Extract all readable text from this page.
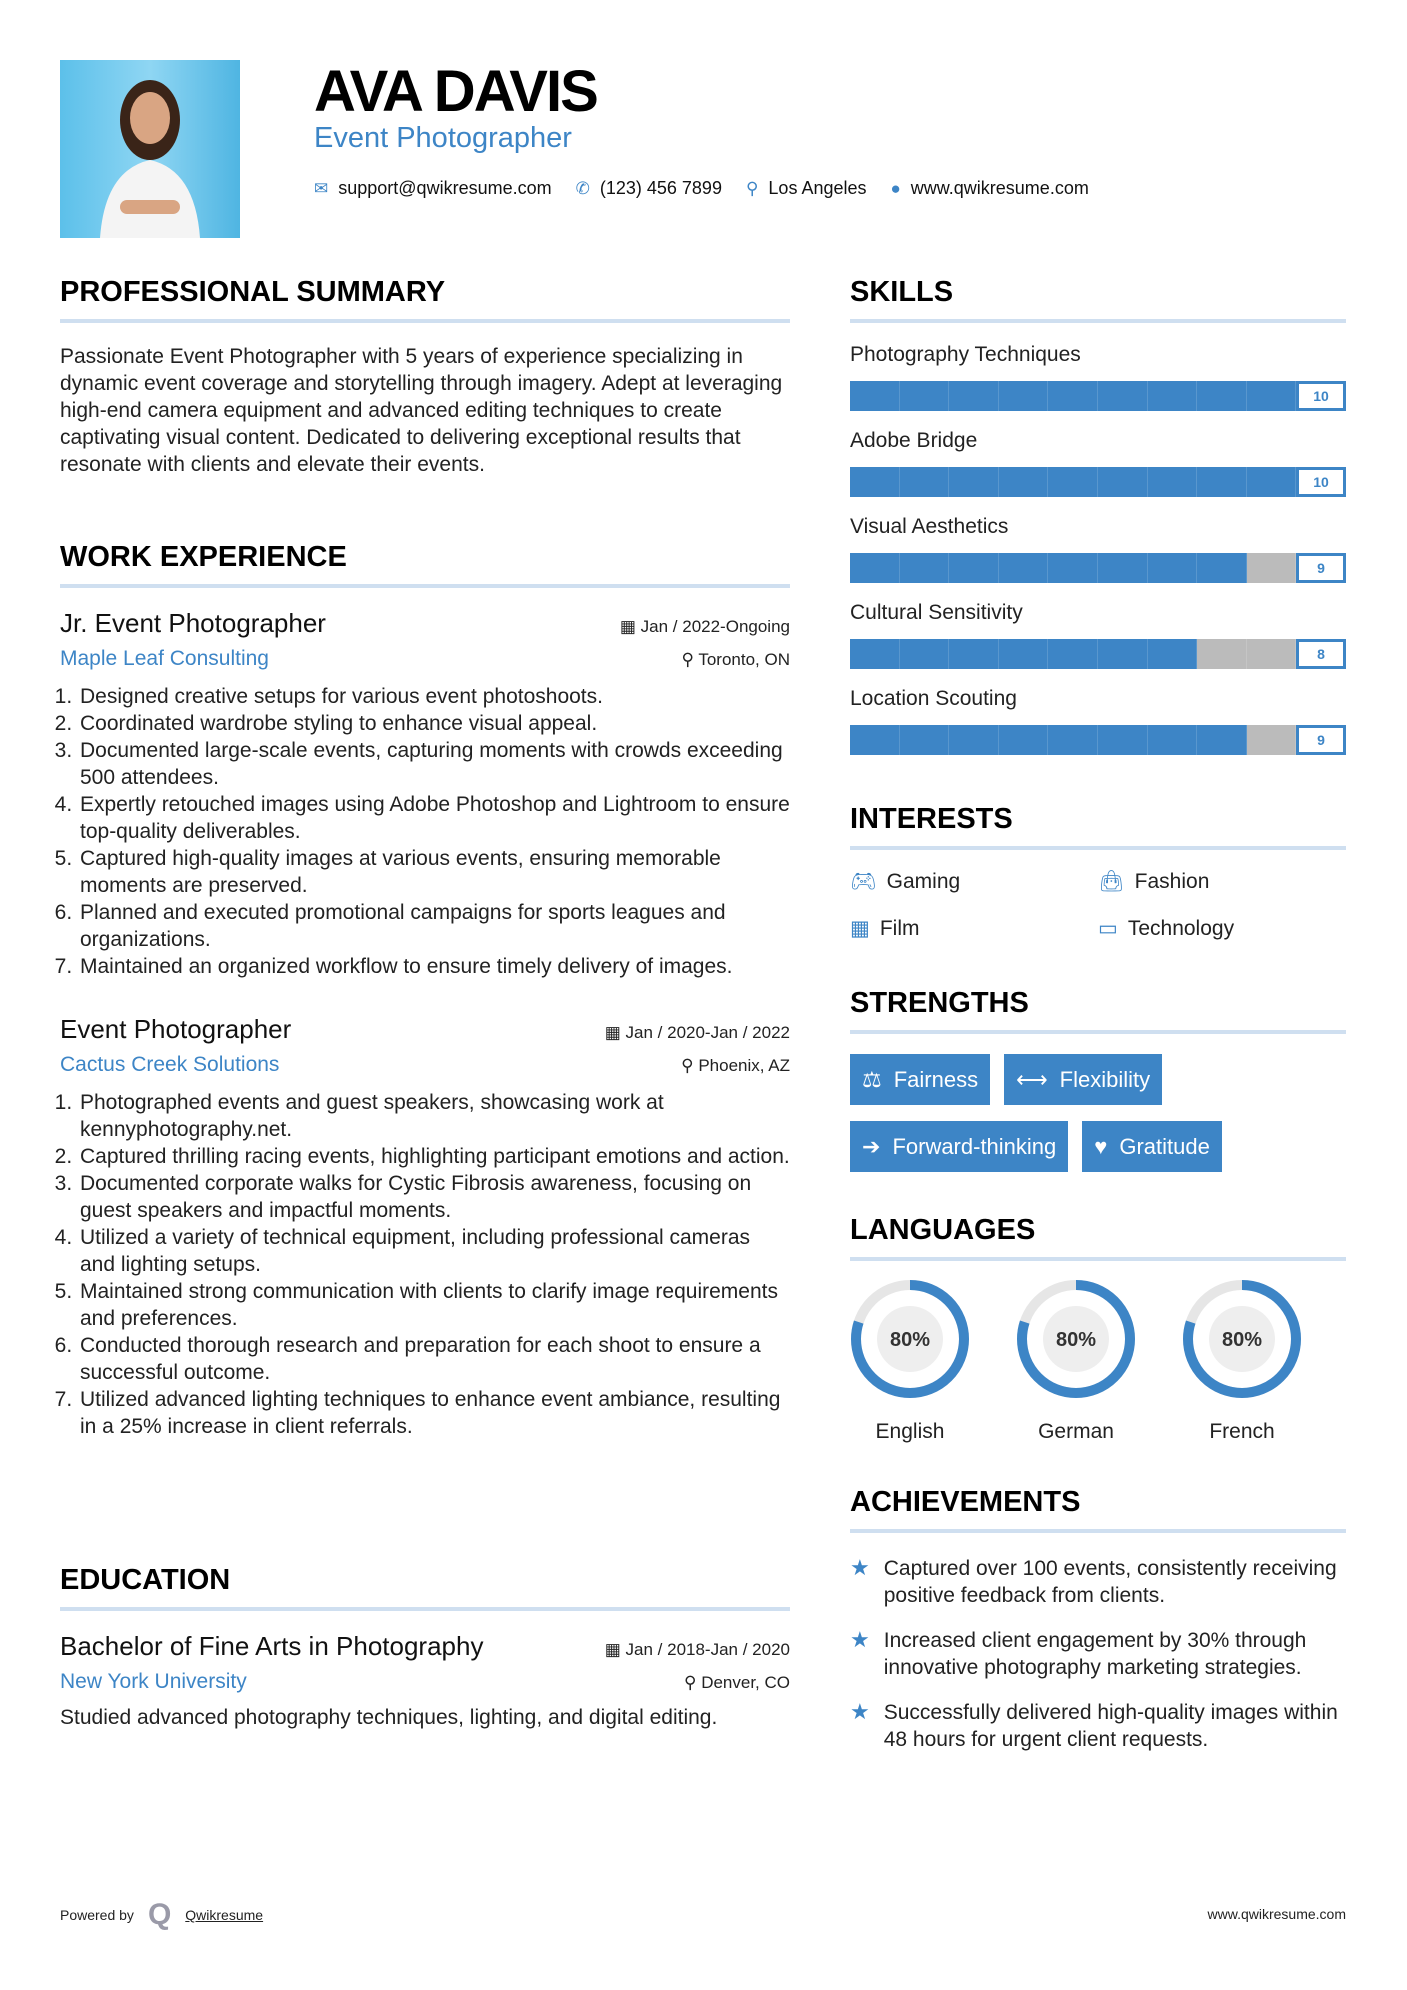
AVA DAVIS
Event Photographer
✉ support@qwikresume.com ✆ (123) 456 7899 ⚲ Los Angeles ● www.qwikresume.com
PROFESSIONAL SUMMARY

Passionate Event Photographer with 5 years of experience specializing in dynamic event coverage and storytelling through imagery. Adept at leveraging high-end camera equipment and advanced editing techniques to create captivating visual content. Dedicated to delivering exceptional results that resonate with clients and elevate their events.

WORK EXPERIENCE
Jr. Event Photographer	▦ Jan / 2022-Ongoing
Maple Leaf Consulting	⚲ Toronto, ON
1. Designed creative setups for various event photoshoots.
2. Coordinated wardrobe styling to enhance visual appeal.
3. Documented large-scale events, capturing moments with crowds exceeding 500 attendees.
4. Expertly retouched images using Adobe Photoshop and Lightroom to ensure top-quality deliverables.
5. Captured high-quality images at various events, ensuring memorable moments are preserved.
6. Planned and executed promotional campaigns for sports leagues and organizations.
7. Maintained an organized workflow to ensure timely delivery of images.
Event Photographer	▦ Jan / 2020-Jan / 2022
Cactus Creek Solutions	⚲ Phoenix, AZ
1. Photographed events and guest speakers, showcasing work at kennyphotography.net.
2. Captured thrilling racing events, highlighting participant emotions and action.
3. Documented corporate walks for Cystic Fibrosis awareness, focusing on guest speakers and impactful moments.
4. Utilized a variety of technical equipment, including professional cameras and lighting setups.
5. Maintained strong communication with clients to clarify image requirements and preferences.
6. Conducted thorough research and preparation for each shoot to ensure a successful outcome.
7. Utilized advanced lighting techniques to enhance event ambiance, resulting in a 25% increase in client referrals.
EDUCATION
Bachelor of Fine Arts in Photography	▦ Jan / 2018-Jan / 2020
New York University	⚲ Denver, CO

Studied advanced photography techniques, lighting, and digital editing.

SKILLS
Photography Techniques
10
Adobe Bridge
10
Visual Aesthetics
9
Cultural Sensitivity
8
Location Scouting
9
INTERESTS
🎮︎ Gaming	👜︎ Fashion
▦ Film	▭ Technology
STRENGTHS
⚖ Fairness ⟷ Flexibility
➔ Forward-thinking ♥ Gratitude
LANGUAGES
80%
English
80%
German
80%
French
ACHIEVEMENTS
★ Captured over 100 events, consistently receiving positive feedback from clients.
★ Increased client engagement by 30% through innovative photography marketing strategies.
★ Successfully delivered high-quality images within 48 hours for urgent client requests.
Powered by Q Qwikresume	www.qwikresume.com
